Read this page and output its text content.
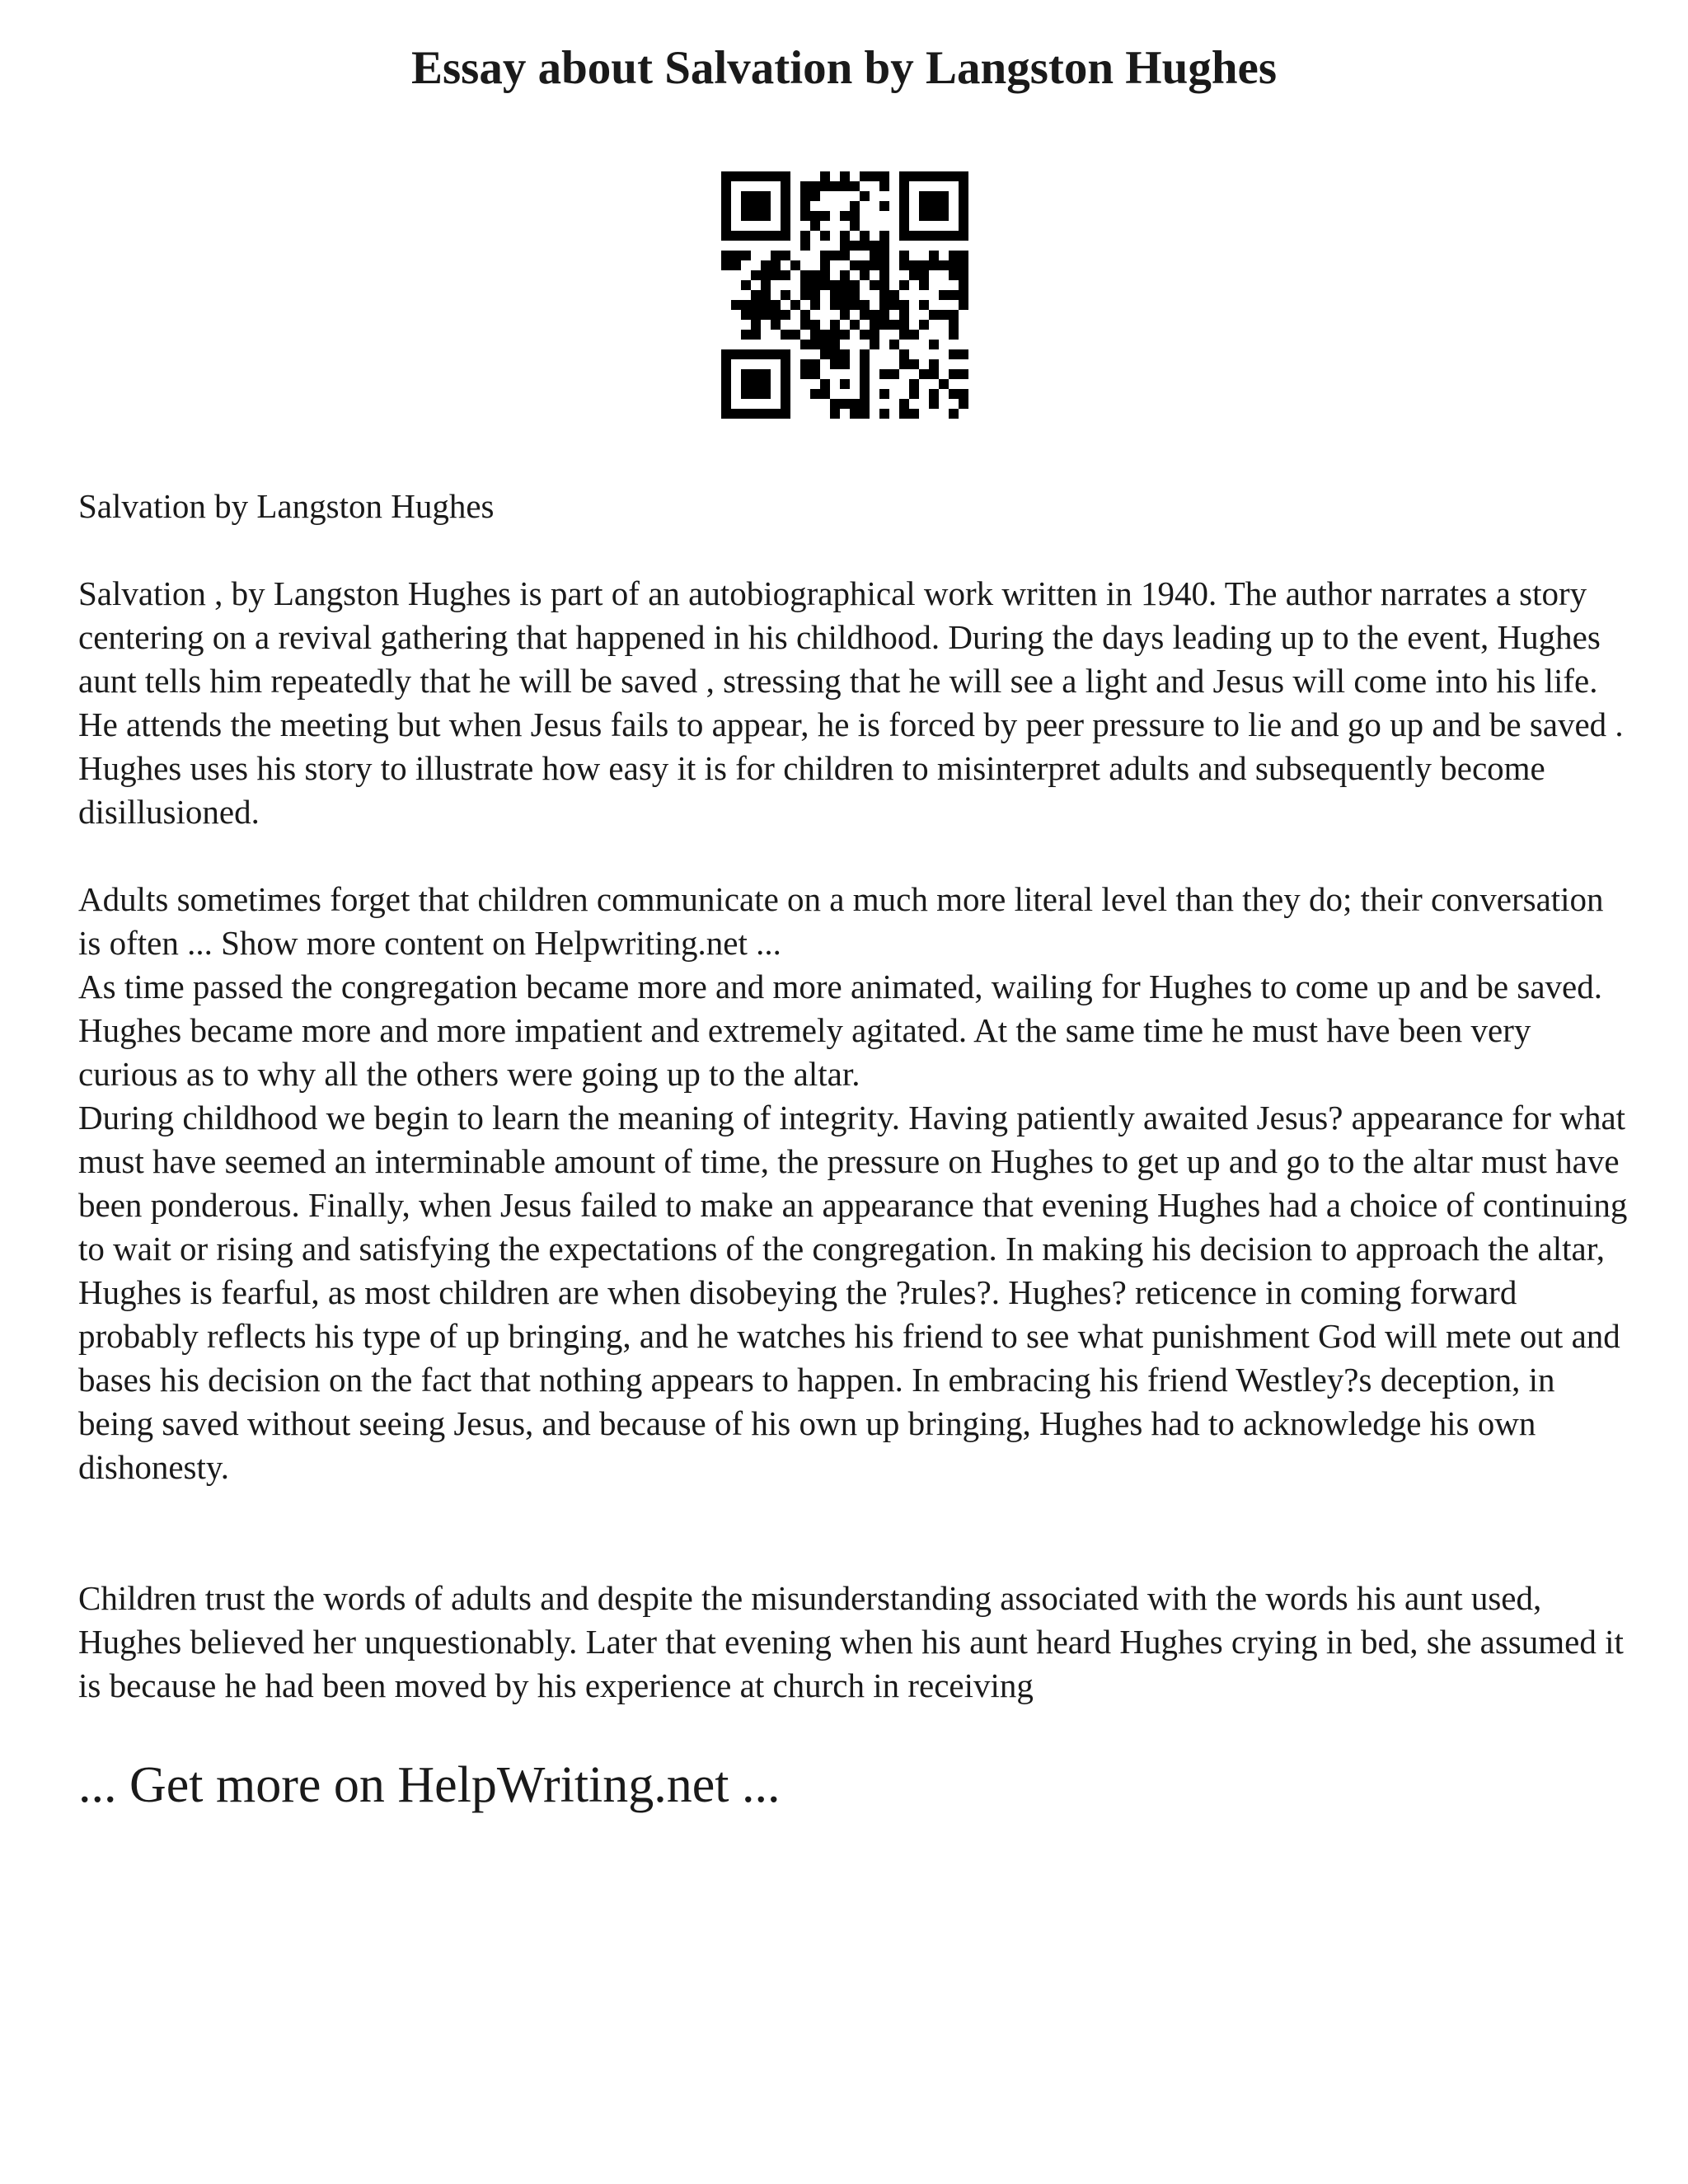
Essay about Salvation by Langston Hughes

Salvation by Langston Hughes

Salvation , by Langston Hughes is part of an autobiographical work written in 1940. The author narrates a story centering on a revival gathering that happened in his childhood. During the days leading up to the event, Hughes aunt tells him repeatedly that he will be saved , stressing that he will see a light and Jesus will come into his life. He attends the meeting but when Jesus fails to appear, he is forced by peer pressure to lie and go up and be saved . Hughes uses his story to illustrate how easy it is for children to misinterpret adults and subsequently become disillusioned.

Adults sometimes forget that children communicate on a much more literal level than they do; their conversation is often ... Show more content on Helpwriting.net ...

As time passed the congregation became more and more animated, wailing for Hughes to come up and be saved. Hughes became more and more impatient and extremely agitated. At the same time he must have been very curious as to why all the others were going up to the altar.

During childhood we begin to learn the meaning of integrity. Having patiently awaited Jesus? appearance for what must have seemed an interminable amount of time, the pressure on Hughes to get up and go to the altar must have been ponderous. Finally, when Jesus failed to make an appearance that evening Hughes had a choice of continuing to wait or rising and satisfying the expectations of the congregation. In making his decision to approach the altar, Hughes is fearful, as most children are when disobeying the ?rules?. Hughes? reticence in coming forward probably reflects his type of up bringing, and he watches his friend to see what punishment God will mete out and bases his decision on the fact that nothing appears to happen. In embracing his friend Westley?s deception, in being saved without seeing Jesus, and because of his own up bringing, Hughes had to acknowledge his own dishonesty.

Children trust the words of adults and despite the misunderstanding associated with the words his aunt used, Hughes believed her unquestionably. Later that evening when his aunt heard Hughes crying in bed, she assumed it is because he had been moved by his experience at church in receiving

... Get more on HelpWriting.net ...
